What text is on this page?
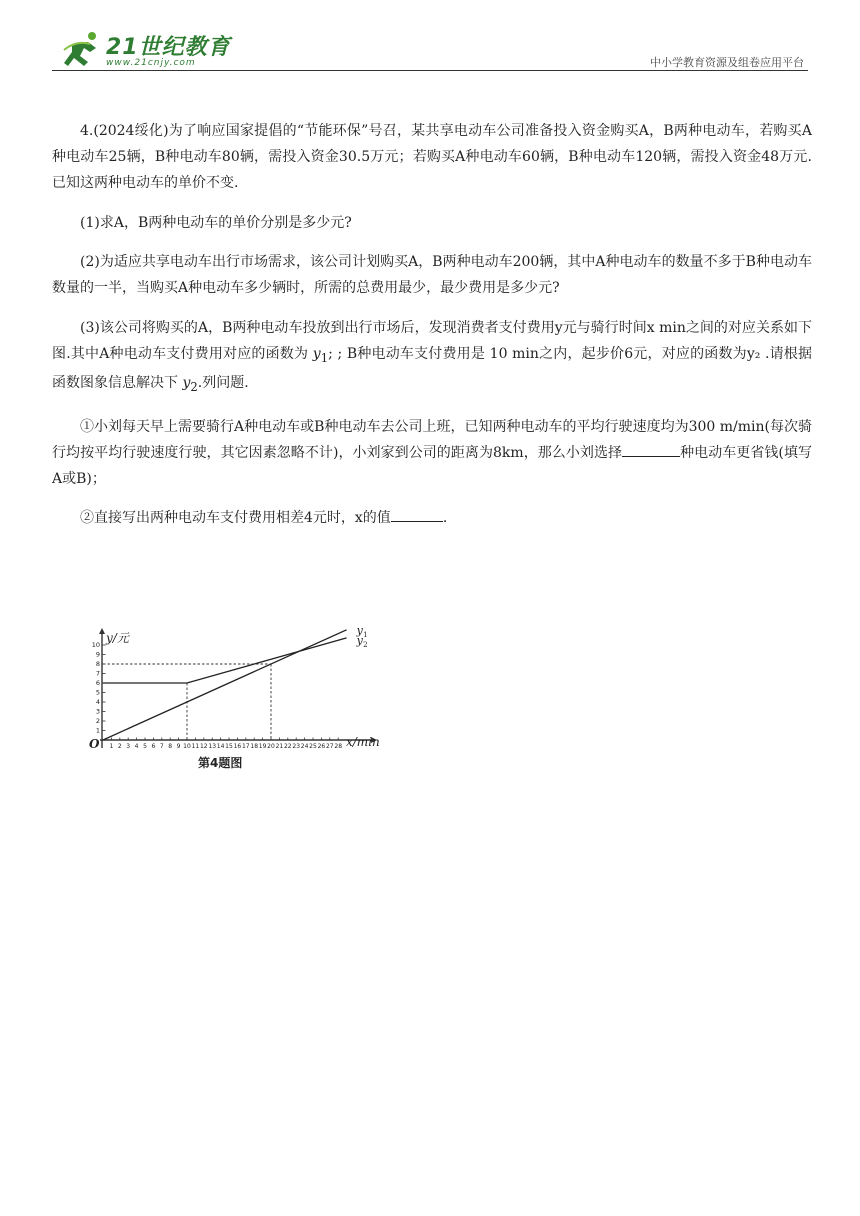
21世纪教育
www.21cnjy.com	中小学教育资源及组卷应用平台

4.(2024绥化)为了响应国家提倡的“节能环保”号召，某共享电动车公司准备投入资金购买A，B两种电动车，若购买A种电动车25辆，B种电动车80辆，需投入资金30.5万元；若购买A种电动车60辆，B种电动车120辆，需投入资金48万元.已知这两种电动车的单价不变.

(1)求A，B两种电动车的单价分别是多少元?

(2)为适应共享电动车出行市场需求，该公司计划购买A，B两种电动车200辆，其中A种电动车的数量不多于B种电动车数量的一半，当购买A种电动车多少辆时，所需的总费用最少，最少费用是多少元?

(3)该公司将购买的A，B两种电动车投放到出行市场后，发现消费者支付费用y元与骑行时间x min之间的对应关系如下图.其中A种电动车支付费用对应的函数为 $y_1$; ; B种电动车支付费用是 10 min之内，起步价6元，对应的函数为y₂ .请根据函数图象信息解决下 $y_2$.列问题.

①小刘每天早上需要骑行A种电动车或B种电动车去公司上班，已知两种电动车的平均行驶速度均为300 m/min(每次骑行均按平均行驶速度行驶，其它因素忽略不计)，小刘家到公司的距离为8km，那么小刘选择	种电动车更省钱(填写A或B)；

②直接写出两种电动车支付费用相差4元时，x的值	.

y/元
x/min
O 1 2 3 4 5 6 7 8 9 10 11 12 13 14 15 16 17 18 19 20 21 22 23 24 25 26 27 28
1
2
3
4
5
6
7
8
9
10
y 1
y 2
第4题图
